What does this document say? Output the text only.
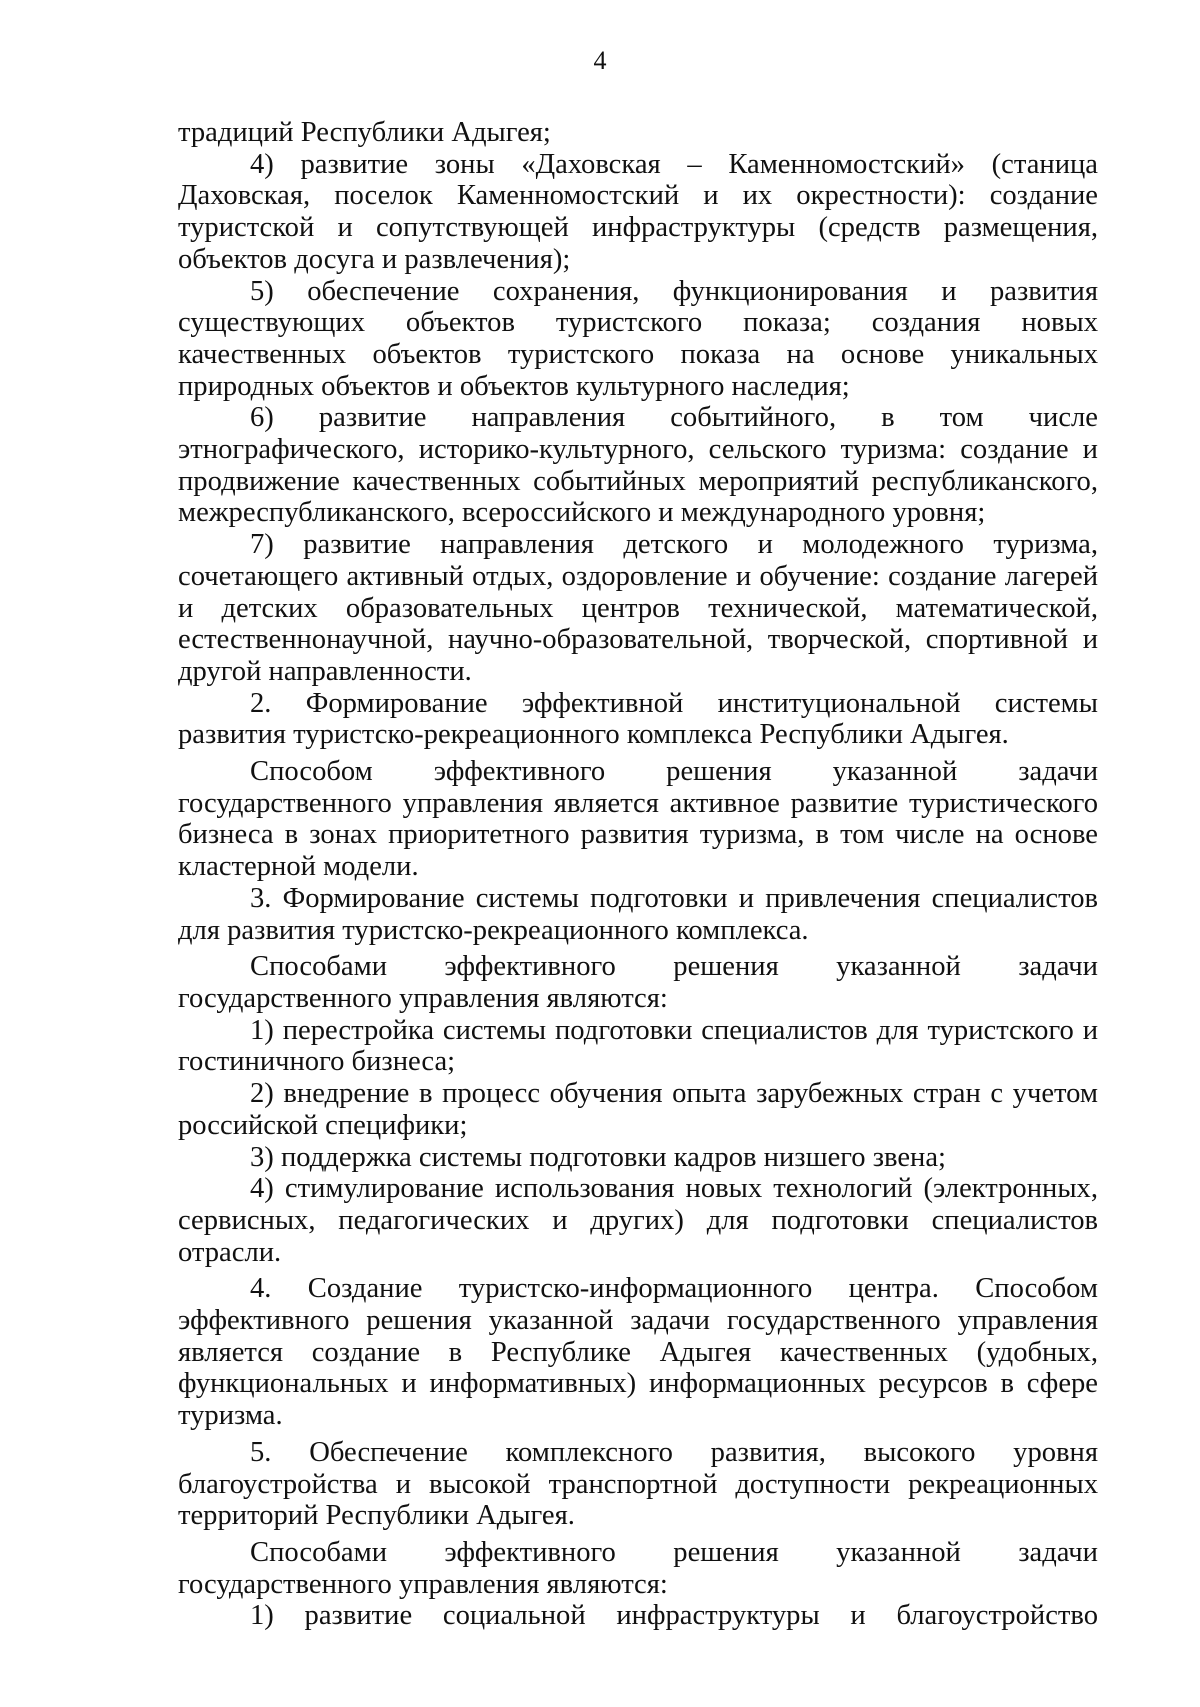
4

традиций Республики Адыгея;

4) развитие зоны «Даховская – Каменномостский» (станица Даховская, поселок Каменномостский и их окрестности): создание туристской и сопутствующей инфраструктуры (средств размещения, объектов досуга и развлечения);

5) обеспечение сохранения, функционирования и развития существующих объектов туристского показа; создания новых качественных объектов туристского показа на основе уникальных природных объектов и объектов культурного наследия;

6) развитие направления событийного, в том числе этнографического, историко-культурного, сельского туризма: создание и продвижение качественных событийных мероприятий республиканского, межреспубликанского, всероссийского и международного уровня;

7) развитие направления детского и молодежного туризма, сочетающего активный отдых, оздоровление и обучение: создание лагерей и детских образовательных центров технической, математической, естественнонаучной, научно-образовательной, творческой, спортивной и другой направленности.

2. Формирование эффективной институциональной системы развития туристско-рекреационного комплекса Республики Адыгея.

Способом эффективного решения указанной задачи государственного управления является активное развитие туристического бизнеса в зонах приоритетного развития туризма, в том числе на основе кластерной модели.

3. Формирование системы подготовки и привлечения специалистов для развития туристско-рекреационного комплекса.

Способами эффективного решения указанной задачи государственного управления являются:

1) перестройка системы подготовки специалистов для туристского и гостиничного бизнеса;

2) внедрение в процесс обучения опыта зарубежных стран с учетом российской специфики;

3) поддержка системы подготовки кадров низшего звена;

4) стимулирование использования новых технологий (электронных, сервисных, педагогических и других) для подготовки специалистов отрасли.

4. Создание туристско-информационного центра. Способом эффективного решения указанной задачи государственного управления является создание в Республике Адыгея качественных (удобных, функциональных и информативных) информационных ресурсов в сфере туризма.

5. Обеспечение комплексного развития, высокого уровня благоустройства и высокой транспортной доступности рекреационных территорий Республики Адыгея.

Способами эффективного решения указанной задачи государственного управления являются:

1) развитие социальной инфраструктуры и благоустройство
